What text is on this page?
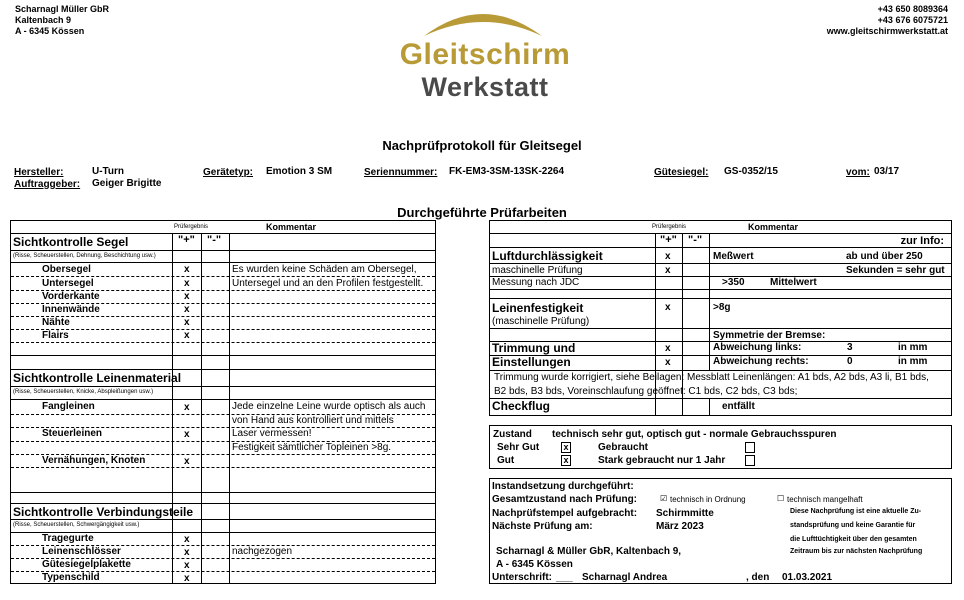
Scharnagl Müller GbR
Kaltenbach 9
A - 6345 Kössen
+43 650 8089364
+43 676 6075721
www.gleitschirmwerkstatt.at
Gleitschirm
Werkstatt
Nachprüfprotokoll für Gleitsegel
Hersteller:	U-Turn
Auftraggeber: Geiger Brigitte
Gerätetyp: Emotion 3 SM	Seriennummer: FK-EM3-3SM-13SK-2264	Gütesiegel: GS-0352/15	vom: 03/17
Durchgeführte Prüfarbeiten
Prüfergebnis	Kommentar
Sichtkontrolle Segel	"+" "-"
(Risse, Scheuerstellen, Dehnung, Beschichtung usw.)
Obersegel	x	Es wurden keine Schäden am Obersegel,
Untersegel	x	Untersegel und an den Profilen festgestellt.
Vorderkante	x
Innenwände	x
Nähte	x
Flairs	x
Sichtkontrolle Leinenmaterial
(Risse, Scheuerstellen, Knicke, Abspleißungen usw.)
Fangleinen	x	Jede einzelne Leine wurde optisch als auch
von Hand aus kontrolliert und mittels
Steuerleinen	x	Laser vermessen!
Festigkeit sämtlicher Topleinen >8g.
Vernähungen, Knoten	x
Sichtkontrolle Verbindungsteile
(Risse, Scheuerstellen, Schwergängigkeit usw.)
Tragegurte	x
Leinenschlösser	x	nachgezogen
Gütesiegelplakette	x
Typenschild	x
Prüfergebnis	Kommentar
"+" "-"	zur Info:
Luftdurchlässigkeit	x	Meßwert	ab und über 250
maschinelle Prüfung	x	Sekunden = sehr gut
Messung nach JDC	>350	Mittelwert
Leinenfestigkeit	x	>8g
(maschinelle Prüfung)
Symmetrie der Bremse:
Trimmung und	x	Abweichung links:	3	in mm
Einstellungen	x	Abweichung rechts:	0	in mm
Trimmung wurde korrigiert, siehe Beilagen: Messblatt Leinenlängen: A1 bds, A2 bds, A3 li, B1 bds,
B2 bds, B3 bds, Voreinschlaufung geöffnet: C1 bds, C2 bds, C3 bds;
Checkflug	entfällt
Zustand technisch sehr gut, optisch gut - normale Gebrauchsspuren
Sehr Gut	x	Gebraucht
Gut	x	Stark gebraucht nur 1 Jahr
Instandsetzung durchgeführt:
Gesamtzustand nach Prüfung:	☑ technisch in Ordnung	☐ technisch mangelhaft
Nachprüfstempel aufgebracht: Schirmmitte
Nächste Prüfung am:	März 2023
Diese Nachprüfung ist eine aktuelle Zu-
standsprüfung und keine Garantie für
die Lufttüchtigkeit über den gesamten
Zeitraum bis zur nächsten Nachprüfung
Scharnagl & Müller GbR, Kaltenbach 9,
A - 6345 Kössen
Unterschrift: ___ Scharnagl Andrea	, den 01.03.2021
